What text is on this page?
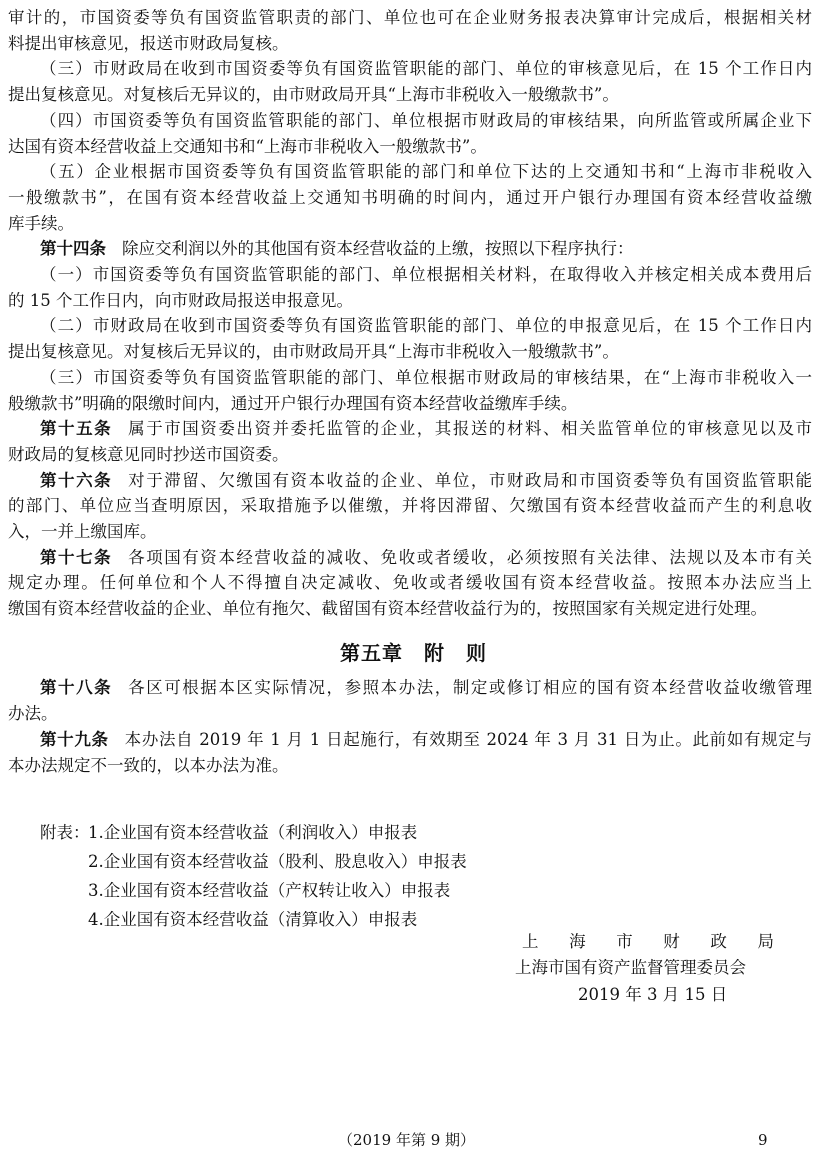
审计的，市国资委等负有国资监管职责的部门、单位也可在企业财务报表决算审计完成后，根据相关材
料提出审核意见，报送市财政局复核。
（三）市财政局在收到市国资委等负有国资监管职能的部门、单位的审核意见后，在 15 个工作日内
提出复核意见。对复核后无异议的，由市财政局开具“上海市非税收入一般缴款书”。
（四）市国资委等负有国资监管职能的部门、单位根据市财政局的审核结果，向所监管或所属企业下
达国有资本经营收益上交通知书和“上海市非税收入一般缴款书”。
（五）企业根据市国资委等负有国资监管职能的部门和单位下达的上交通知书和“上海市非税收入
一般缴款书”，在国有资本经营收益上交通知书明确的时间内，通过开户银行办理国有资本经营收益缴
库手续。
第十四条 除应交利润以外的其他国有资本经营收益的上缴，按照以下程序执行：
（一）市国资委等负有国资监管职能的部门、单位根据相关材料，在取得收入并核定相关成本费用后
的 15 个工作日内，向市财政局报送申报意见。
（二）市财政局在收到市国资委等负有国资监管职能的部门、单位的申报意见后，在 15 个工作日内
提出复核意见。对复核后无异议的，由市财政局开具“上海市非税收入一般缴款书”。
（三）市国资委等负有国资监管职能的部门、单位根据市财政局的审核结果，在“上海市非税收入一
般缴款书”明确的限缴时间内，通过开户银行办理国有资本经营收益缴库手续。
第十五条 属于市国资委出资并委托监管的企业，其报送的材料、相关监管单位的审核意见以及市
财政局的复核意见同时抄送市国资委。
第十六条 对于滞留、欠缴国有资本收益的企业、单位，市财政局和市国资委等负有国资监管职能
的部门、单位应当查明原因，采取措施予以催缴，并将因滞留、欠缴国有资本经营收益而产生的利息收
入，一并上缴国库。
第十七条 各项国有资本经营收益的减收、免收或者缓收，必须按照有关法律、法规以及本市有关
规定办理。任何单位和个人不得擅自决定减收、免收或者缓收国有资本经营收益。按照本办法应当上
缴国有资本经营收益的企业、单位有拖欠、截留国有资本经营收益行为的，按照国家有关规定进行处理。
第五章　附　则
第十八条 各区可根据本区实际情况，参照本办法，制定或修订相应的国有资本经营收益收缴管理
办法。
第十九条 本办法自 2019 年 1 月 1 日起施行，有效期至 2024 年 3 月 31 日为止。此前如有规定与
本办法规定不一致的，以本办法为准。
附表：
1.企业国有资本经营收益（利润收入）申报表
2.企业国有资本经营收益（股利、股息收入）申报表
3.企业国有资本经营收益（产权转让收入）申报表
4.企业国有资本经营收益（清算收入）申报表
上海市财政局
上海市国有资产监督管理委员会
2019 年 3 月 15 日
（2019 年第 9 期）	9
